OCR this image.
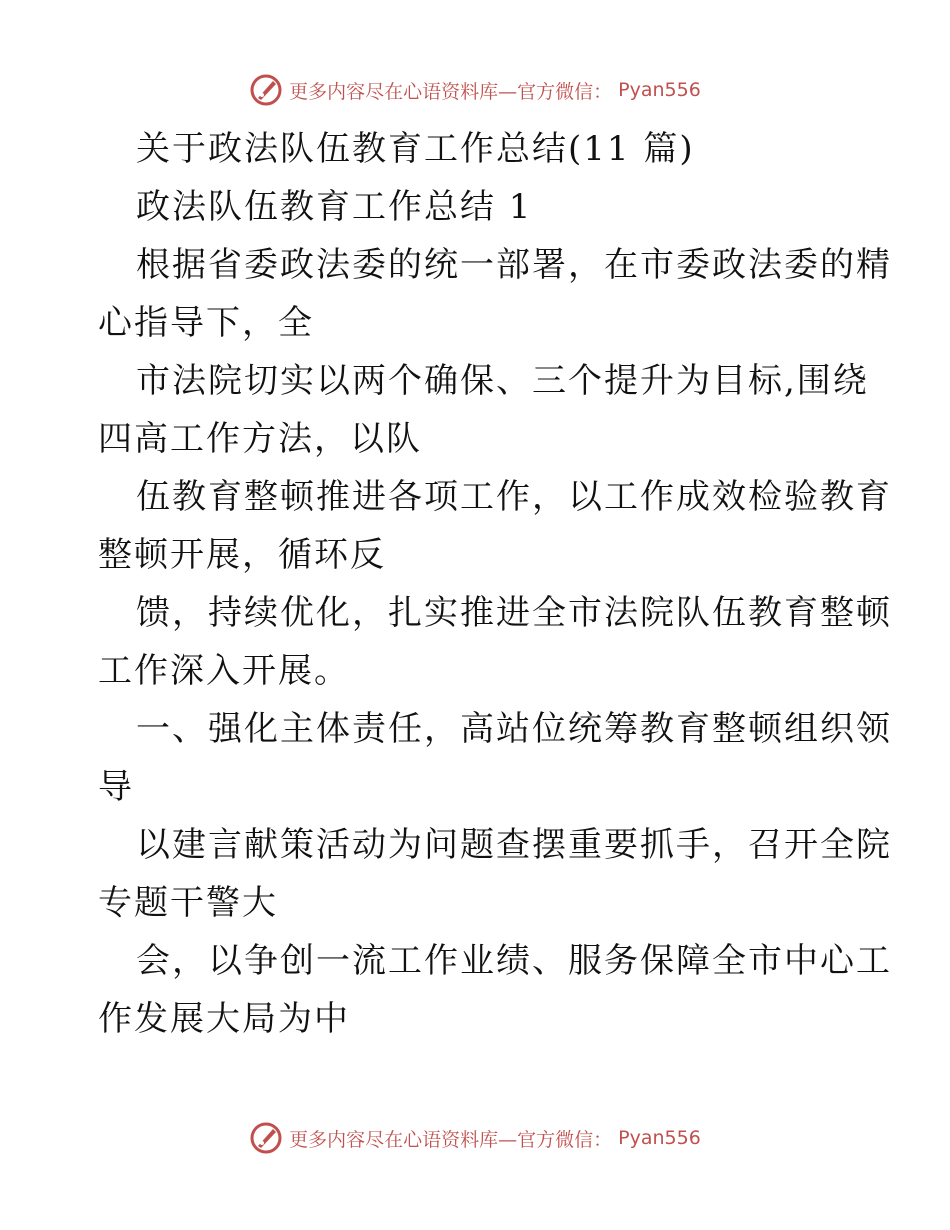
更多内容尽在心语资料库—官方微信： Pyan556
关于政法队伍教育工作总结(11 篇)
政法队伍教育工作总结 1
根据省委政法委的统一部署，在市委政法委的精
心指导下，全
市法院切实以两个确保、三个提升为目标,围绕
四高工作方法，以队
伍教育整顿推进各项工作，以工作成效检验教育
整顿开展，循环反
馈，持续优化，扎实推进全市法院队伍教育整顿
工作深入开展。
一、强化主体责任，高站位统筹教育整顿组织领
导
以建言献策活动为问题查摆重要抓手，召开全院
专题干警大
会，以争创一流工作业绩、服务保障全市中心工
作发展大局为中
更多内容尽在心语资料库—官方微信： Pyan556
